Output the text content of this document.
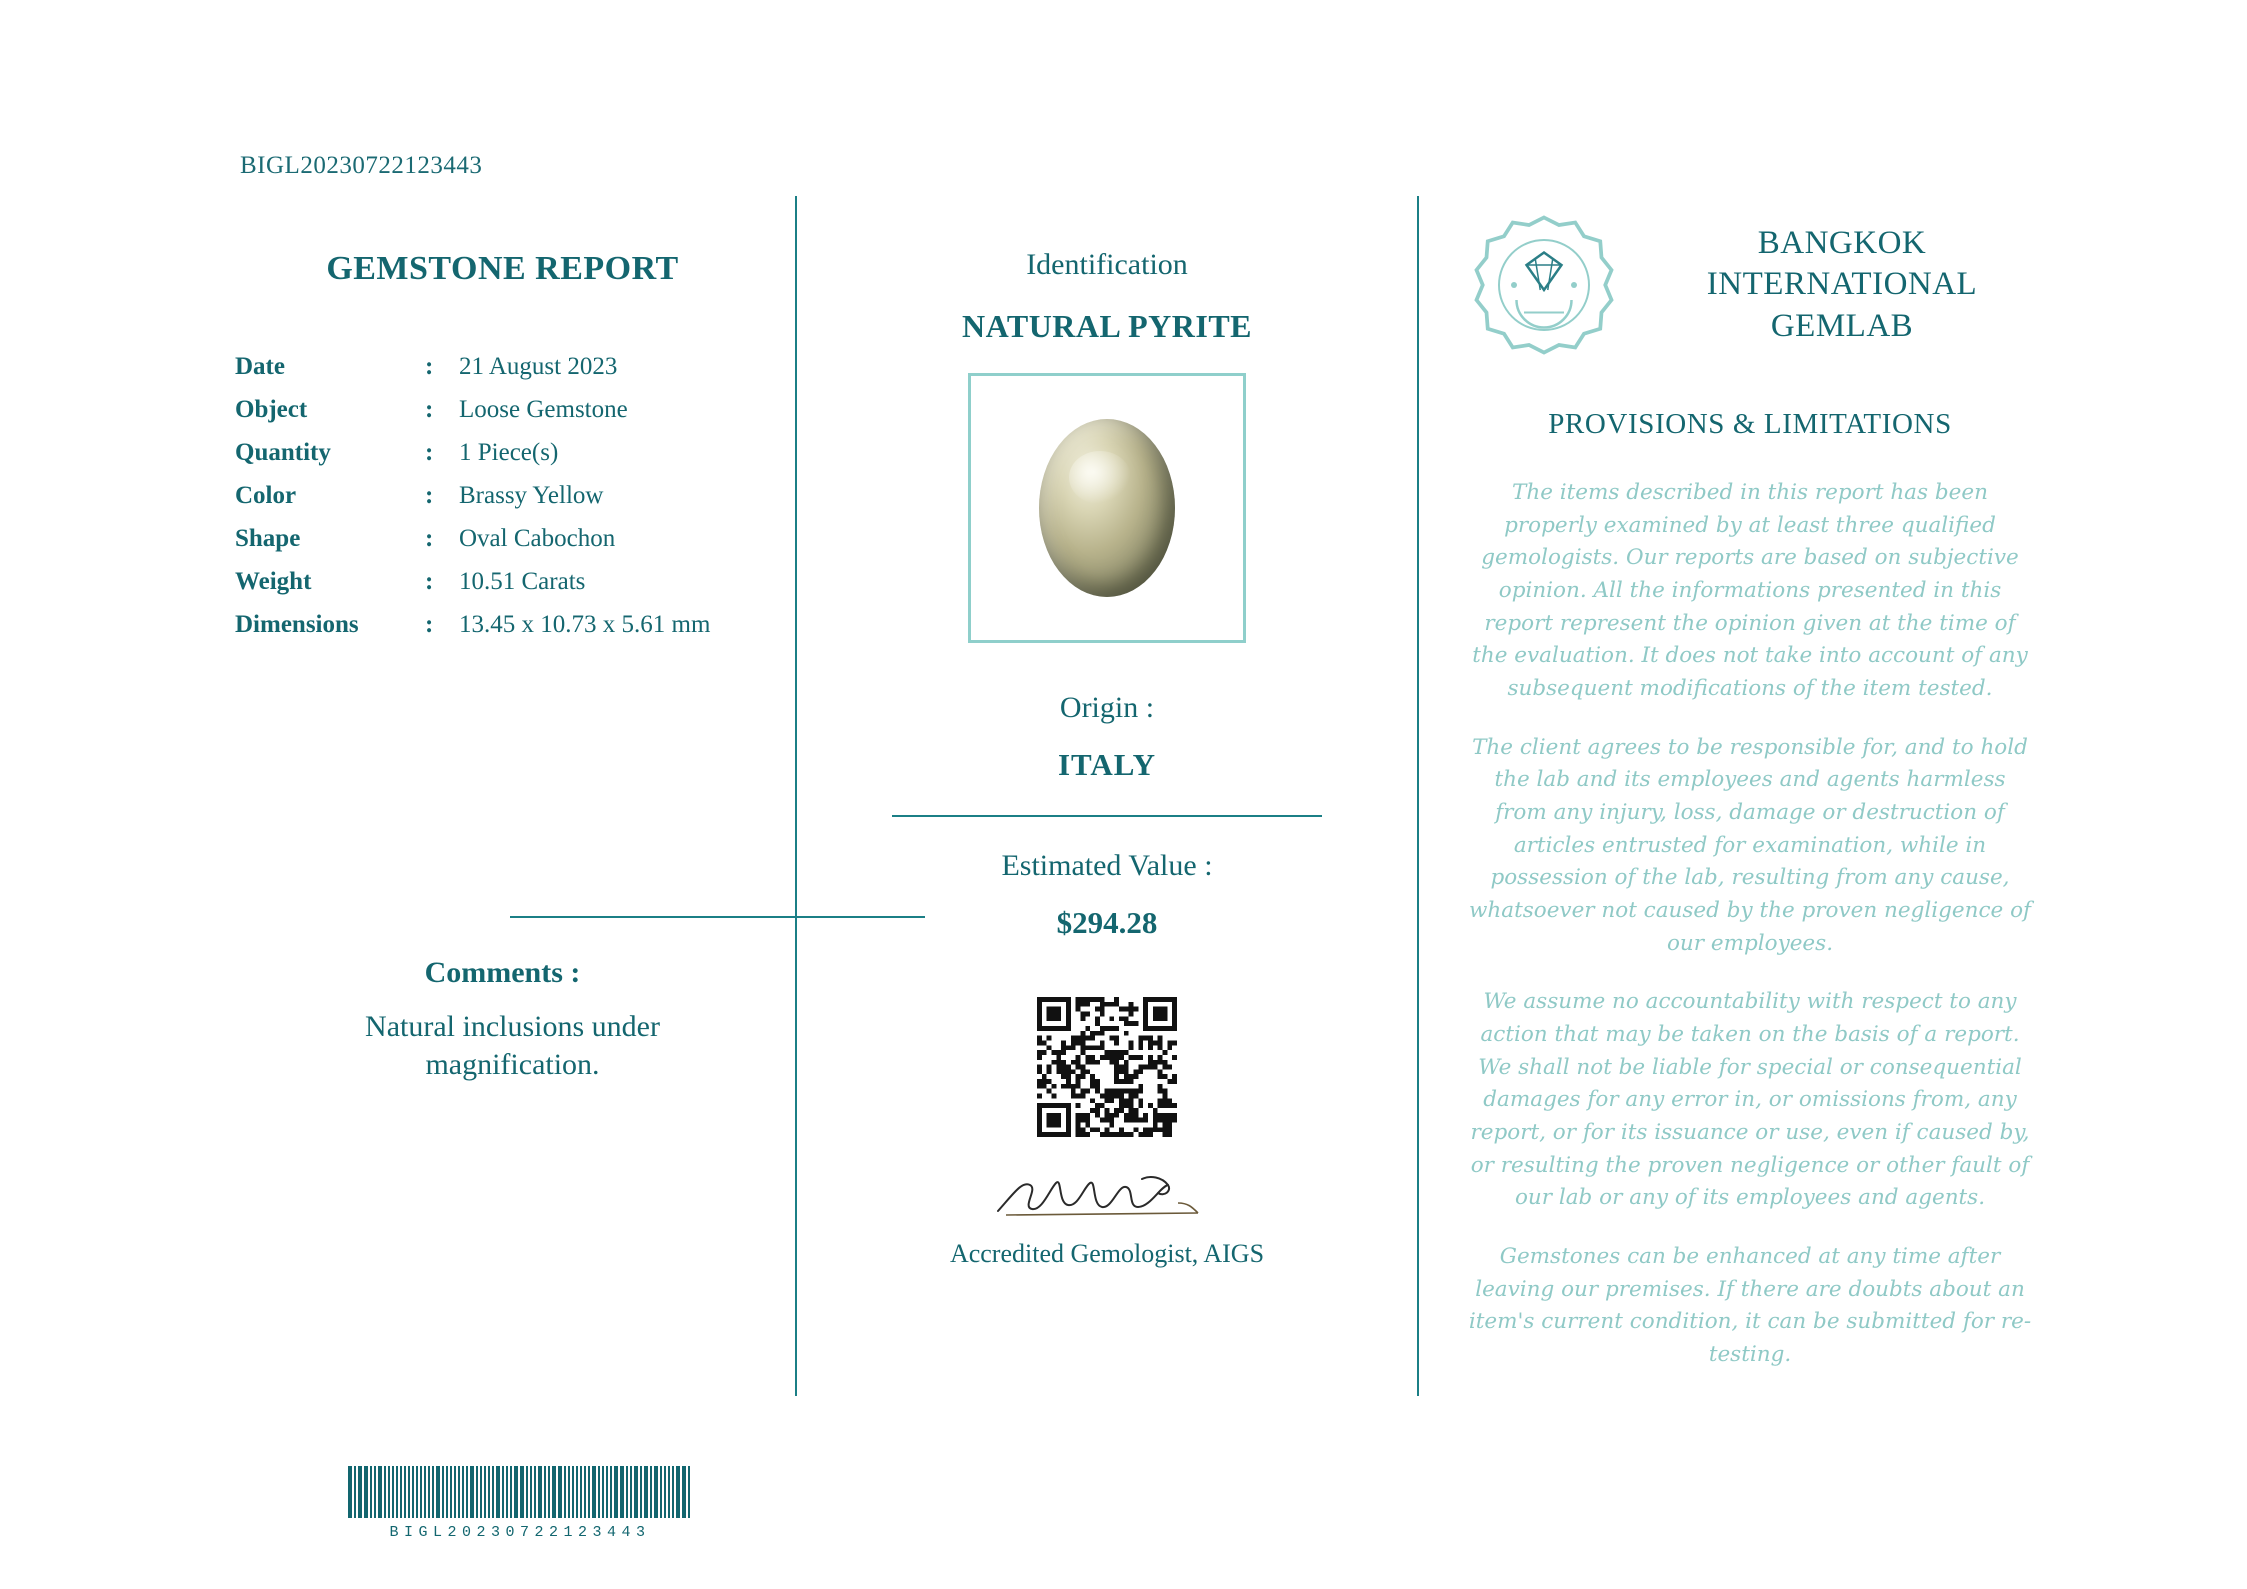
BIGL20230722123443
GEMSTONE REPORT
Date	:	21 August 2023
Object	:	Loose Gemstone
Quantity	:	1 Piece(s)
Color	:	Brassy Yellow
Shape	:	Oval Cabochon
Weight	:	10.51 Carats
Dimensions	:	13.45 x 10.73 x 5.61 mm
Comments :
Natural inclusions under magnification.
BIGL20230722123443
Identification
NATURAL PYRITE
Origin :
ITALY
Estimated Value :
$294.28
Accredited Gemologist, AIGS
BANGKOK INTERNATIONAL GEMLAB
PROVISIONS & LIMITATIONS
The items described in this report has been properly examined by at least three qualified gemologists. Our reports are based on subjective opinion. All the informations presented in this report represent the opinion given at the time of the evaluation. It does not take into account of any subsequent modifications of the item tested.
The client agrees to be responsible for, and to hold the lab and its employees and agents harmless from any injury, loss, damage or destruction of articles entrusted for examination, while in possession of the lab, resulting from any cause, whatsoever not caused by the proven negligence of our employees.
We assume no accountability with respect to any action that may be taken on the basis of a report. We shall not be liable for special or consequential damages for any error in, or omissions from, any report, or for its issuance or use, even if caused by, or resulting the proven negligence or other fault of our lab or any of its employees and agents.
Gemstones can be enhanced at any time after leaving our premises. If there are doubts about an item's current condition, it can be submitted for re-testing.
